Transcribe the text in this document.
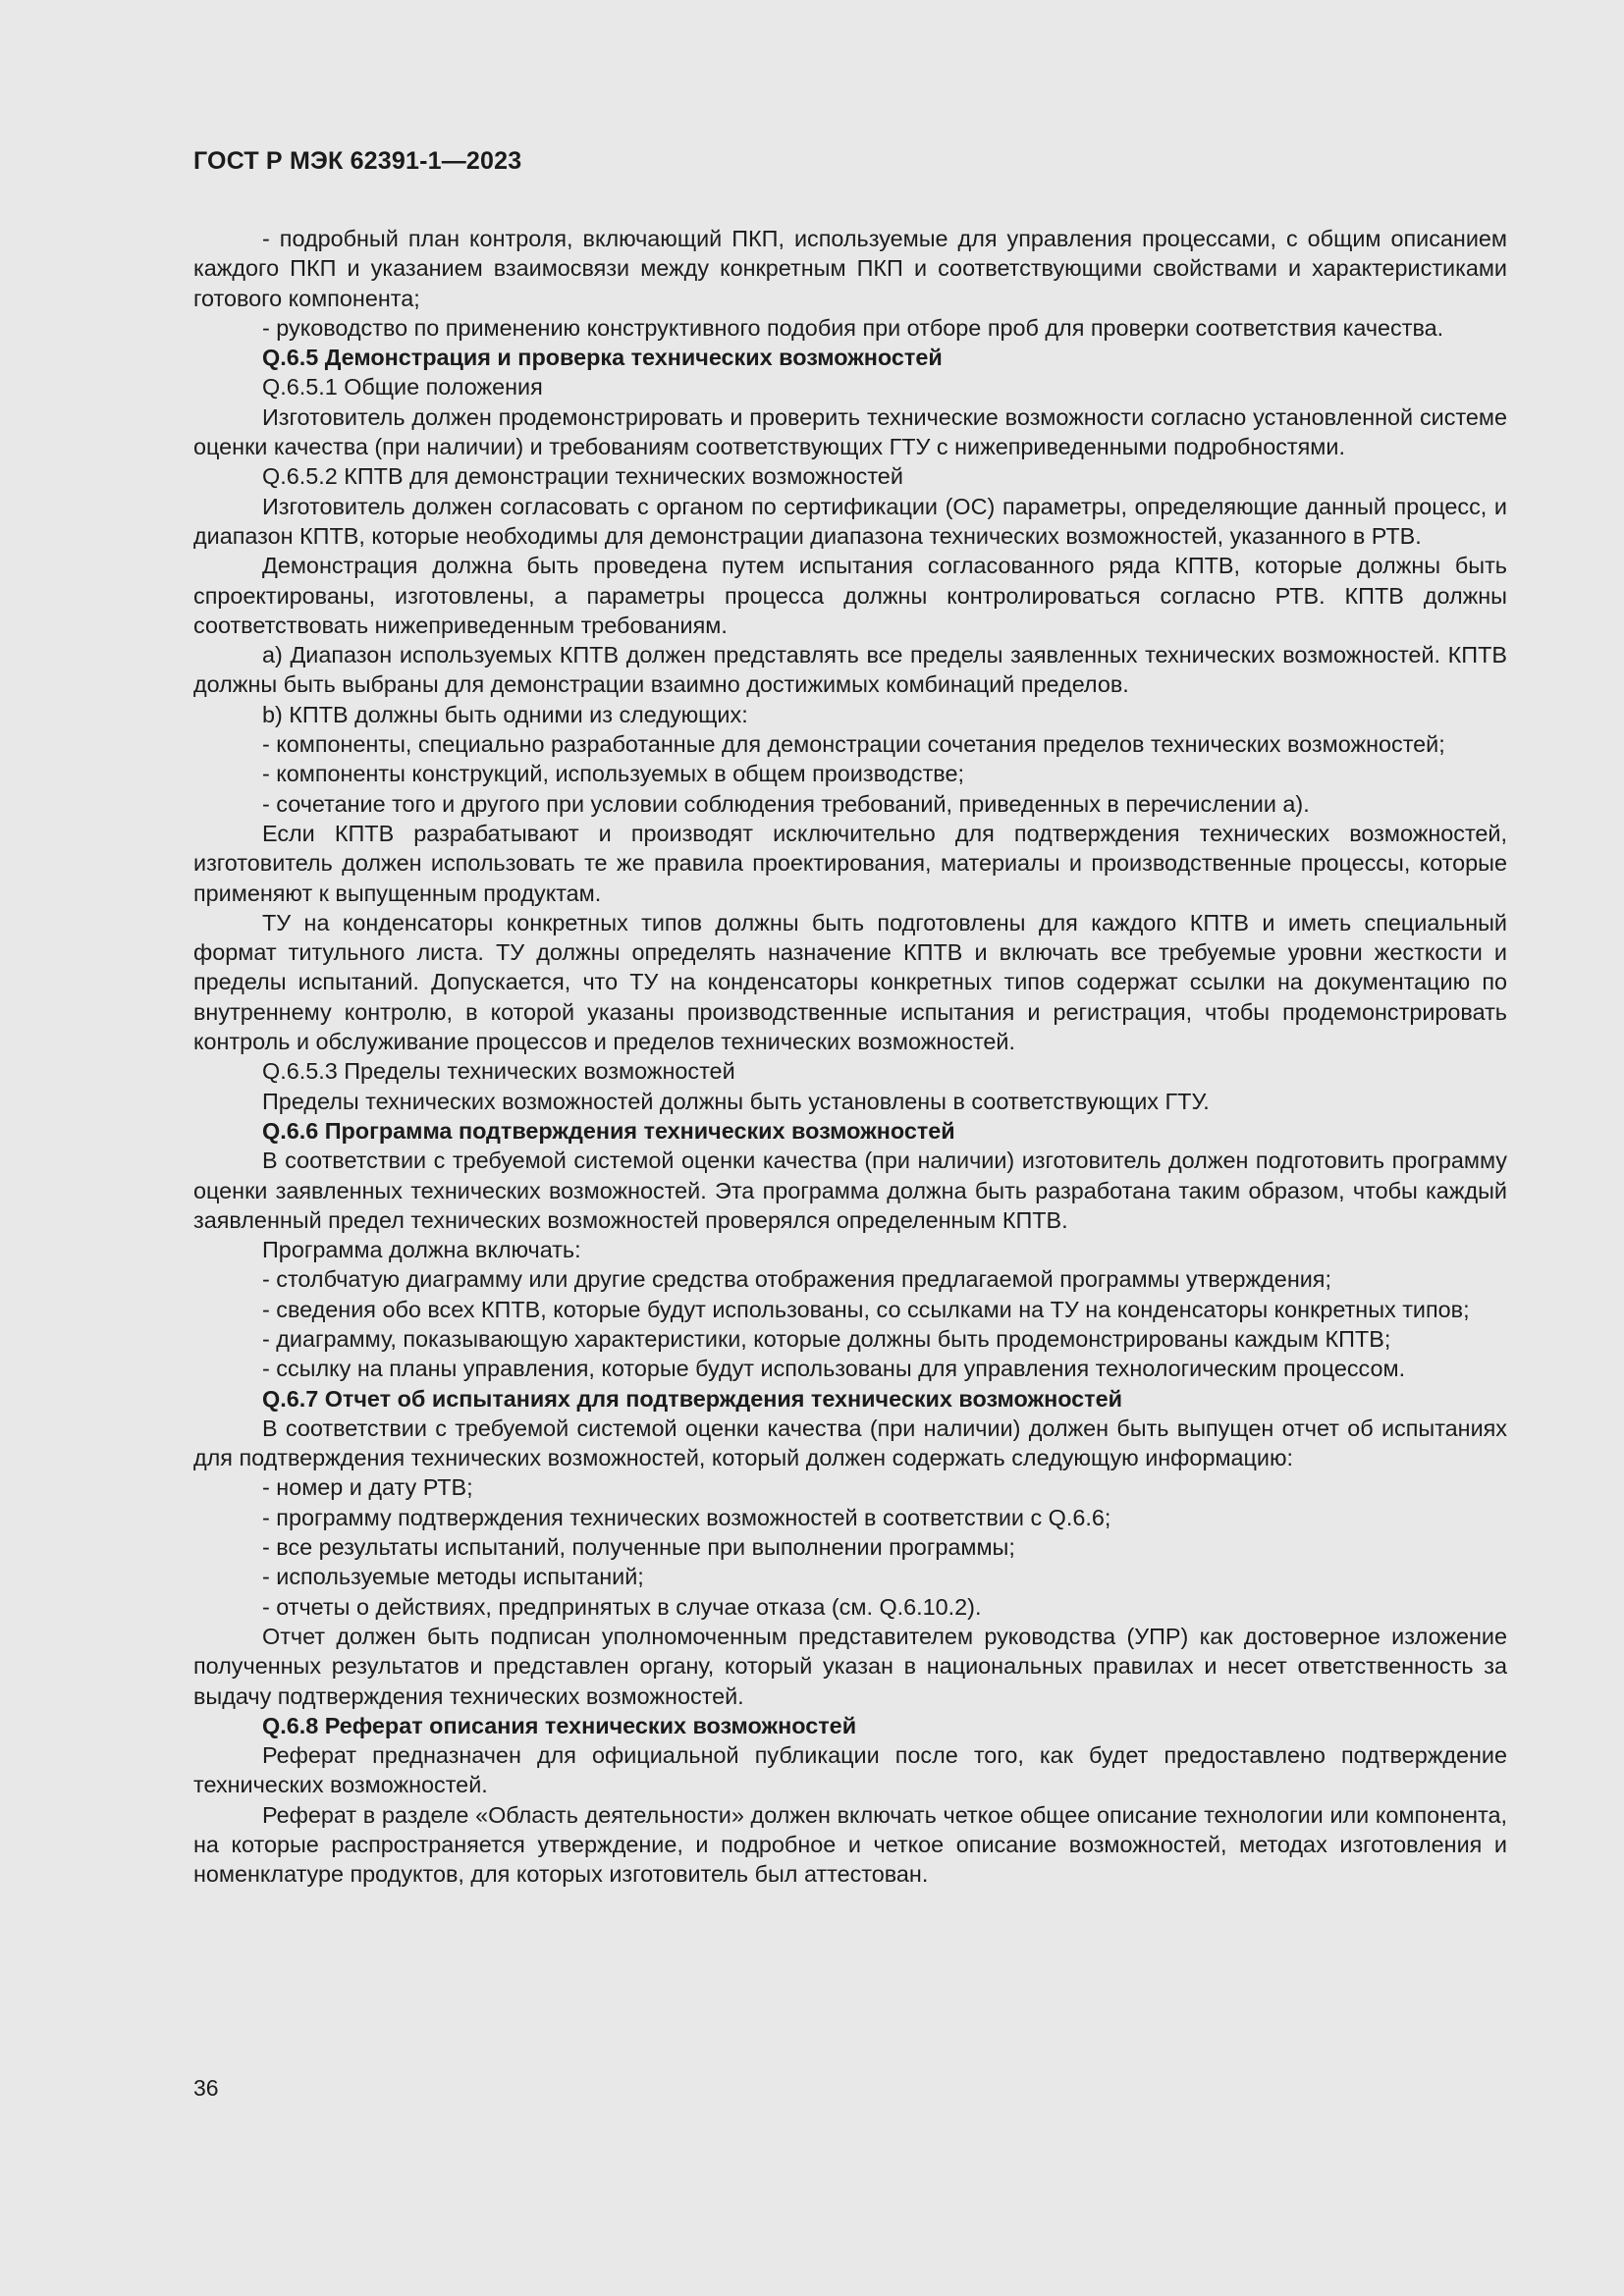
ГОСТ Р МЭК 62391-1—2023

- подробный план контроля, включающий ПКП, используемые для управления процессами, с общим описанием каждого ПКП и указанием взаимосвязи между конкретным ПКП и соответствующими свойствами и характеристиками готового компонента;

- руководство по применению конструктивного подобия при отборе проб для проверки соответствия качества.

Q.6.5 Демонстрация и проверка технических возможностей

Q.6.5.1 Общие положения

Изготовитель должен продемонстрировать и проверить технические возможности согласно установленной системе оценки качества (при наличии) и требованиям соответствующих ГТУ с нижеприведенными подробностями.

Q.6.5.2 КПТВ для демонстрации технических возможностей

Изготовитель должен согласовать с органом по сертификации (ОС) параметры, определяющие данный процесс, и диапазон КПТВ, которые необходимы для демонстрации диапазона технических возможностей, указанного в РТВ.

Демонстрация должна быть проведена путем испытания согласованного ряда КПТВ, которые должны быть спроектированы, изготовлены, а параметры процесса должны контролироваться согласно РТВ. КПТВ должны соответствовать нижеприведенным требованиям.

a) Диапазон используемых КПТВ должен представлять все пределы заявленных технических возможностей. КПТВ должны быть выбраны для демонстрации взаимно достижимых комбинаций пределов.

b) КПТВ должны быть одними из следующих:

- компоненты, специально разработанные для демонстрации сочетания пределов технических возможностей;

- компоненты конструкций, используемых в общем производстве;

- сочетание того и другого при условии соблюдения требований, приведенных в перечислении а).

Если КПТВ разрабатывают и производят исключительно для подтверждения технических возможностей, изготовитель должен использовать те же правила проектирования, материалы и производственные процессы, которые применяют к выпущенным продуктам.

ТУ на конденсаторы конкретных типов должны быть подготовлены для каждого КПТВ и иметь специальный формат титульного листа. ТУ должны определять назначение КПТВ и включать все требуемые уровни жесткости и пределы испытаний. Допускается, что ТУ на конденсаторы конкретных типов содержат ссылки на документацию по внутреннему контролю, в которой указаны производственные испытания и регистрация, чтобы продемонстрировать контроль и обслуживание процессов и пределов технических возможностей.

Q.6.5.3 Пределы технических возможностей

Пределы технических возможностей должны быть установлены в соответствующих ГТУ.

Q.6.6 Программа подтверждения технических возможностей

В соответствии с требуемой системой оценки качества (при наличии) изготовитель должен подготовить программу оценки заявленных технических возможностей. Эта программа должна быть разработана таким образом, чтобы каждый заявленный предел технических возможностей проверялся определенным КПТВ.

Программа должна включать:

- столбчатую диаграмму или другие средства отображения предлагаемой программы утверждения;

- сведения обо всех КПТВ, которые будут использованы, со ссылками на ТУ на конденсаторы конкретных типов;

- диаграмму, показывающую характеристики, которые должны быть продемонстрированы каждым КПТВ;

- ссылку на планы управления, которые будут использованы для управления технологическим процессом.

Q.6.7 Отчет об испытаниях для подтверждения технических возможностей

В соответствии с требуемой системой оценки качества (при наличии) должен быть выпущен отчет об испытаниях для подтверждения технических возможностей, который должен содержать следующую информацию:

- номер и дату РТВ;

- программу подтверждения технических возможностей в соответствии с Q.6.6;

- все результаты испытаний, полученные при выполнении программы;

- используемые методы испытаний;

- отчеты о действиях, предпринятых в случае отказа (см. Q.6.10.2).

Отчет должен быть подписан уполномоченным представителем руководства (УПР) как достоверное изложение полученных результатов и представлен органу, который указан в национальных правилах и несет ответственность за выдачу подтверждения технических возможностей.

Q.6.8 Реферат описания технических возможностей

Реферат предназначен для официальной публикации после того, как будет предоставлено подтверждение технических возможностей.

Реферат в разделе «Область деятельности» должен включать четкое общее описание технологии или компонента, на которые распространяется утверждение, и подробное и четкое описание возможностей, методах изготовления и номенклатуре продуктов, для которых изготовитель был аттестован.

36
